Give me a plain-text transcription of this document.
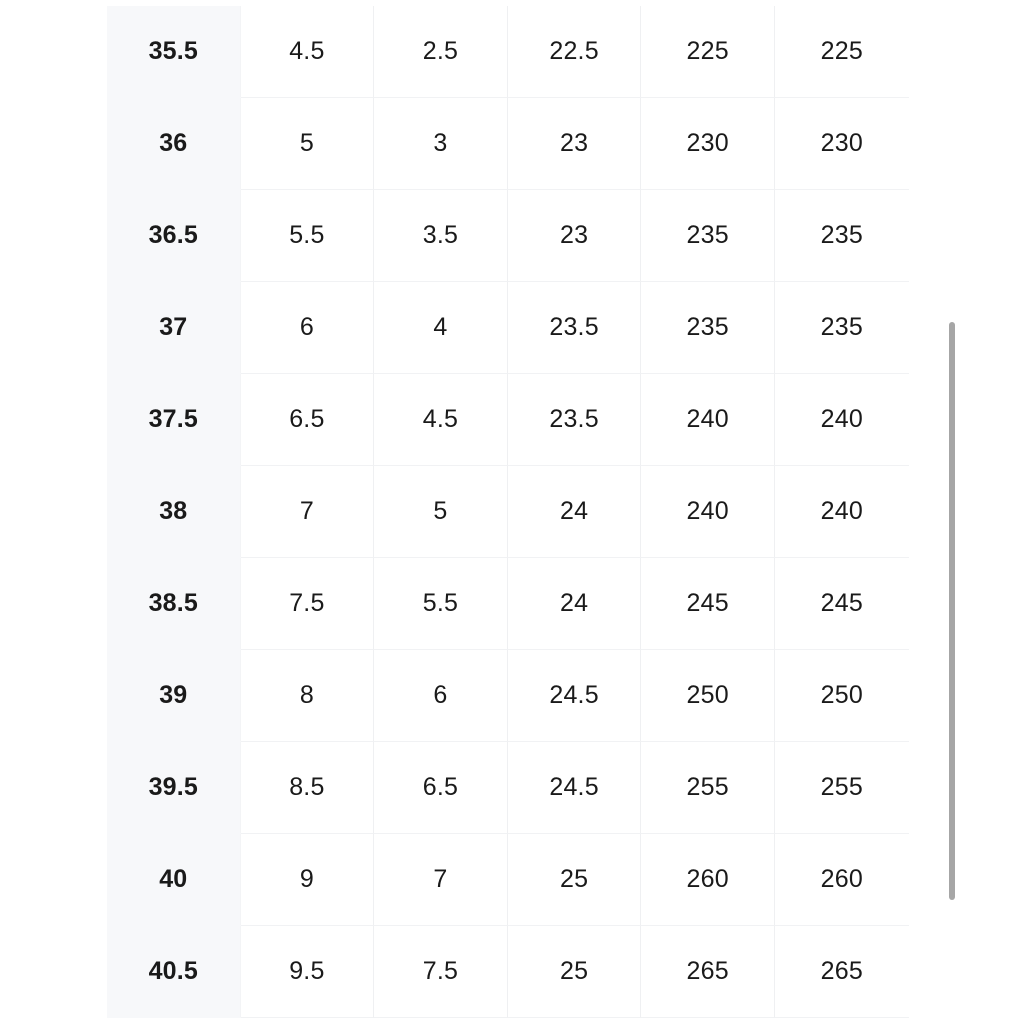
35.5	4.5	2.5	22.5	225	225
36	5	3	23	230	230
36.5	5.5	3.5	23	235	235
37	6	4	23.5	235	235
37.5	6.5	4.5	23.5	240	240
38	7	5	24	240	240
38.5	7.5	5.5	24	245	245
39	8	6	24.5	250	250
39.5	8.5	6.5	24.5	255	255
40	9	7	25	260	260
40.5	9.5	7.5	25	265	265
